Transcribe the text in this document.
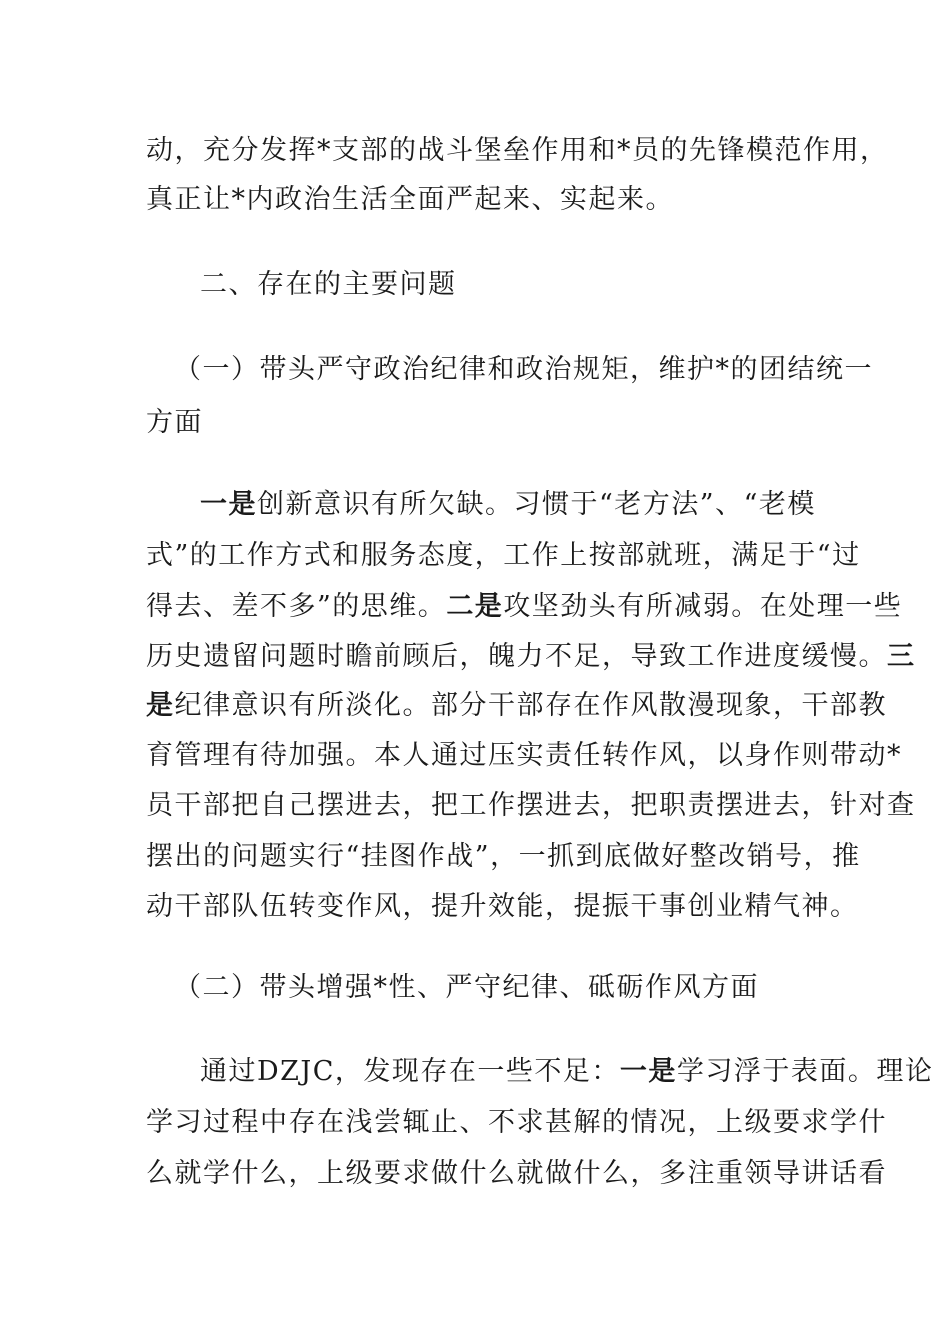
动，充分发挥*支部的战斗堡垒作用和*员的先锋模范作用，
真正让*内政治生活全面严起来、实起来。
二、存在的主要问题
（一）带头严守政治纪律和政治规矩，维护*的团结统一
方面
一是创新意识有所欠缺。习惯于“老方法”、“老模
式”的工作方式和服务态度，工作上按部就班，满足于“过
得去、差不多”的思维。二是攻坚劲头有所减弱。在处理一些
历史遗留问题时瞻前顾后，魄力不足，导致工作进度缓慢。三
是纪律意识有所淡化。部分干部存在作风散漫现象，干部教
育管理有待加强。本人通过压实责任转作风，以身作则带动*
员干部把自己摆进去，把工作摆进去，把职责摆进去，针对查
摆出的问题实行“挂图作战”，一抓到底做好整改销号，推
动干部队伍转变作风，提升效能，提振干事创业精气神。
（二）带头增强*性、严守纪律、砥砺作风方面
通过DZJC，发现存在一些不足：一是学习浮于表面。理论
学习过程中存在浅尝辄止、不求甚解的情况，上级要求学什
么就学什么，上级要求做什么就做什么，多注重领导讲话看
